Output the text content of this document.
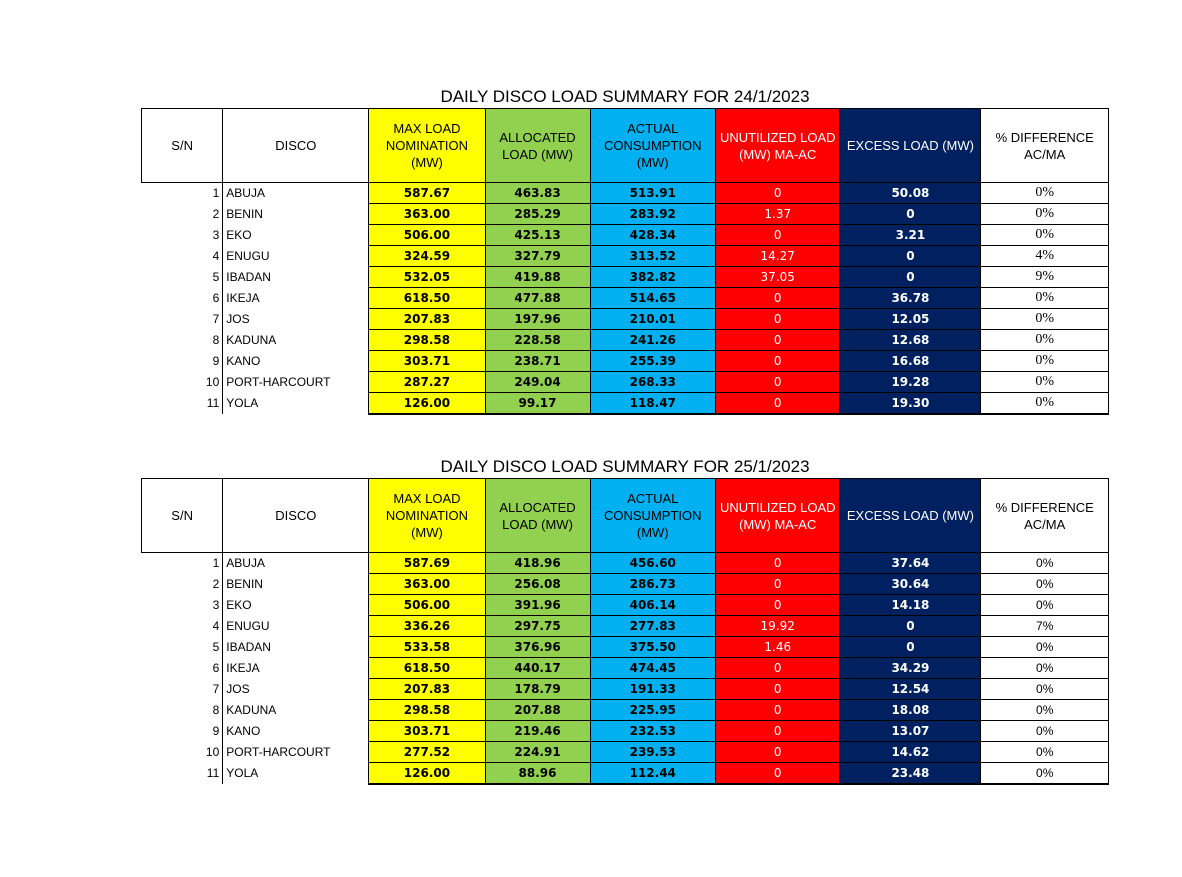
DAILY DISCO LOAD SUMMARY FOR 24/1/2023
S/N	DISCO	MAX LOAD NOMINATION (MW)	ALLOCATED LOAD (MW)	ACTUAL CONSUMPTION (MW)	UNUTILIZED LOAD (MW) MA-AC	EXCESS LOAD (MW)	% DIFFERENCE AC/MA
1	ABUJA	587.67	463.83	513.91	0	50.08	0%
2	BENIN	363.00	285.29	283.92	1.37	0	0%
3	EKO	506.00	425.13	428.34	0	3.21	0%
4	ENUGU	324.59	327.79	313.52	14.27	0	4%
5	IBADAN	532.05	419.88	382.82	37.05	0	9%
6	IKEJA	618.50	477.88	514.65	0	36.78	0%
7	JOS	207.83	197.96	210.01	0	12.05	0%
8	KADUNA	298.58	228.58	241.26	0	12.68	0%
9	KANO	303.71	238.71	255.39	0	16.68	0%
10	PORT-HARCOURT	287.27	249.04	268.33	0	19.28	0%
11	YOLA	126.00	99.17	118.47	0	19.30	0%
DAILY DISCO LOAD SUMMARY FOR 25/1/2023
S/N	DISCO	MAX LOAD NOMINATION (MW)	ALLOCATED LOAD (MW)	ACTUAL CONSUMPTION (MW)	UNUTILIZED LOAD (MW) MA-AC	EXCESS LOAD (MW)	% DIFFERENCE AC/MA
1	ABUJA	587.69	418.96	456.60	0	37.64	0%
2	BENIN	363.00	256.08	286.73	0	30.64	0%
3	EKO	506.00	391.96	406.14	0	14.18	0%
4	ENUGU	336.26	297.75	277.83	19.92	0	7%
5	IBADAN	533.58	376.96	375.50	1.46	0	0%
6	IKEJA	618.50	440.17	474.45	0	34.29	0%
7	JOS	207.83	178.79	191.33	0	12.54	0%
8	KADUNA	298.58	207.88	225.95	0	18.08	0%
9	KANO	303.71	219.46	232.53	0	13.07	0%
10	PORT-HARCOURT	277.52	224.91	239.53	0	14.62	0%
11	YOLA	126.00	88.96	112.44	0	23.48	0%
